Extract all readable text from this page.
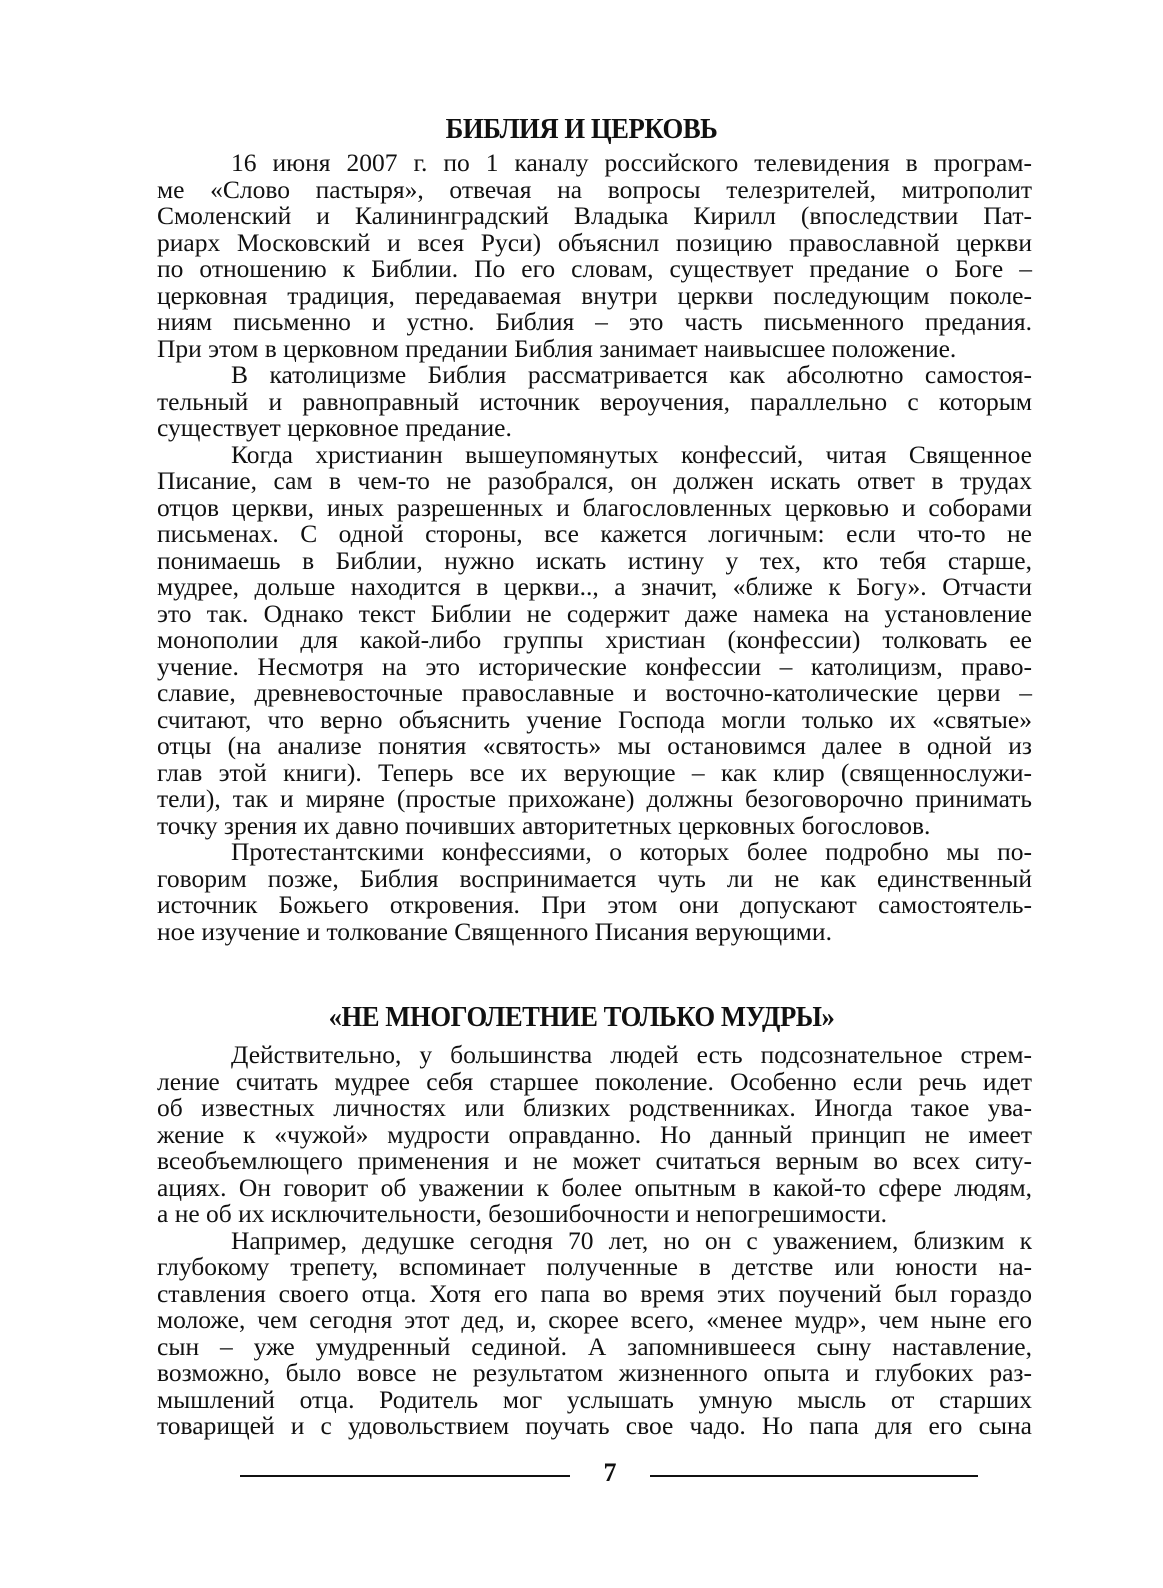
БИБЛИЯ И ЦЕРКОВЬ
16 июня 2007 г. по 1 каналу российского телевидения в програм-
ме «Слово пастыря», отвечая на вопросы телезрителей, митрополит
Смоленский и Калининградский Владыка Кирилл (впоследствии Пат-
риарх Московский и всея Руси) объяснил позицию православной церкви
по отношению к Библии. По его словам, существует предание о Боге –
церковная традиция, передаваемая внутри церкви последующим поколе-
ниям письменно и устно. Библия – это часть письменного предания.
При этом в церковном предании Библия занимает наивысшее положение.
В католицизме Библия рассматривается как абсолютно самостоя-
тельный и равноправный источник вероучения, параллельно с которым
существует церковное предание.
Когда христианин вышеупомянутых конфессий, читая Священное
Писание, сам в чем-то не разобрался, он должен искать ответ в трудах
отцов церкви, иных разрешенных и благословленных церковью и соборами
письменах. С одной стороны, все кажется логичным: если что-то не
понимаешь в Библии, нужно искать истину у тех, кто тебя старше,
мудрее, дольше находится в церкви.., а значит, «ближе к Богу». Отчасти
это так. Однако текст Библии не содержит даже намека на установление
монополии для какой-либо группы христиан (конфессии) толковать ее
учение. Несмотря на это исторические конфессии – католицизм, право-
славие, древневосточные православные и восточно-католические церви –
считают, что верно объяснить учение Господа могли только их «святые»
отцы (на анализе понятия «святость» мы остановимся далее в одной из
глав этой книги). Теперь все их верующие – как клир (священнослужи-
тели), так и миряне (простые прихожане) должны безоговорочно принимать
точку зрения их давно почивших авторитетных церковных богословов.
Протестантскими конфессиями, о которых более подробно мы по-
говорим позже, Библия воспринимается чуть ли не как единственный
источник Божьего откровения. При этом они допускают самостоятель-
ное изучение и толкование Священного Писания верующими.
«НЕ МНОГОЛЕТНИЕ ТОЛЬКО МУДРЫ»
Действительно, у большинства людей есть подсознательное стрем-
ление считать мудрее себя старшее поколение. Особенно если речь идет
об известных личностях или близких родственниках. Иногда такое ува-
жение к «чужой» мудрости оправданно. Но данный принцип не имеет
всеобъемлющего применения и не может считаться верным во всех ситу-
ациях. Он говорит об уважении к более опытным в какой-то сфере людям,
а не об их исключительности, безошибочности и непогрешимости.
Например, дедушке сегодня 70 лет, но он с уважением, близким к
глубокому трепету, вспоминает полученные в детстве или юности на-
ставления своего отца. Хотя его папа во время этих поучений был гораздо
моложе, чем сегодня этот дед, и, скорее всего, «менее мудр», чем ныне его
сын – уже умудренный сединой. А запомнившееся сыну наставление,
возможно, было вовсе не результатом жизненного опыта и глубоких раз-
мышлений отца. Родитель мог услышать умную мысль от старших
товарищей и с удовольствием поучать свое чадо. Но папа для его сына
7
